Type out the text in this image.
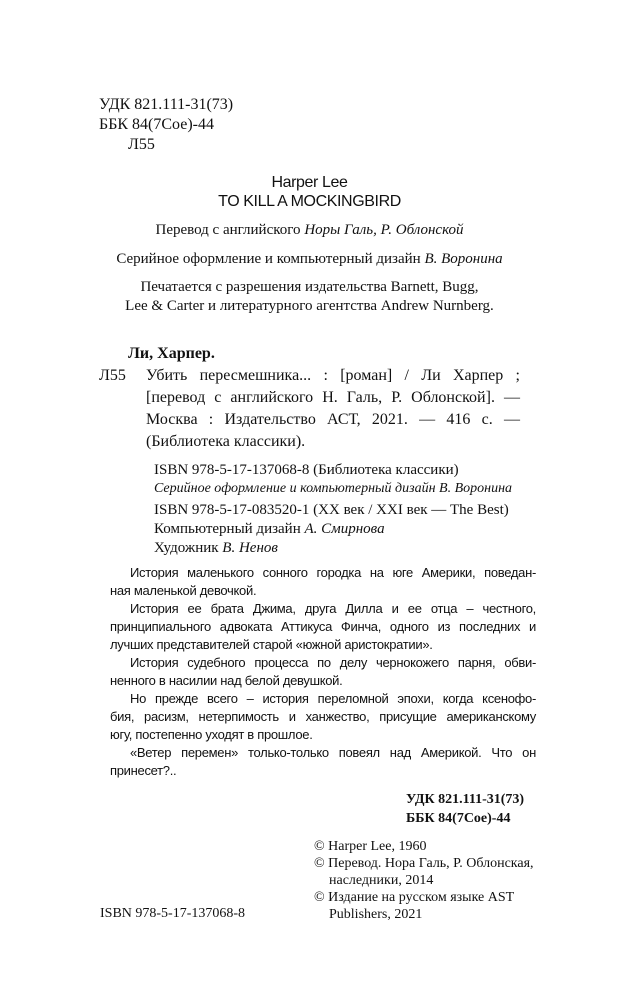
УДК 821.111-31(73)
ББК 84(7Сое)-44
Л55
Harper Lee
TO KILL A MOCKINGBIRD
Перевод с английского Норы Галь, Р. Облонской
Серийное оформление и компьютерный дизайн В. Воронина
Печатается с разрешения издательства Barnett, Bugg,
Lee & Carter и литературного агентства Andrew Nurnberg.
Ли, Харпер.
Л55 Убить пересмешника... : [роман] / Ли Харпер ;
[перевод с английского Н. Галь, Р. Облонской]. —
Москва : Издательство АСТ, 2021. — 416 с. —
(Библиотека классики).
ISBN 978-5-17-137068-8 (Библиотека классики)
Серийное оформление и компьютерный дизайн В. Воронина
ISBN 978-5-17-083520-1 (XX век / XXI век — The Best)
Компьютерный дизайн А. Смирнова
Художник В. Ненов
История маленького сонного городка на юге Америки, поведан-
ная маленькой девочкой.
История ее брата Джима, друга Дилла и ее отца – честного,
принципиального адвоката Аттикуса Финча, одного из последних и
лучших представителей старой «южной аристократии».
История судебного процесса по делу чернокожего парня, обви-
ненного в насилии над белой девушкой.
Но прежде всего – история переломной эпохи, когда ксенофо-
бия, расизм, нетерпимость и ханжество, присущие американскому
югу, постепенно уходят в прошлое.
«Ветер перемен» только-только повеял над Америкой. Что он
принесет?..
УДК 821.111-31(73)
ББК 84(7Сое)-44
© Harper Lee, 1960
© Перевод. Нора Галь, Р. Облонская,
наследники, 2014
© Издание на русском языке AST
Publishers, 2021
ISBN 978-5-17-137068-8
